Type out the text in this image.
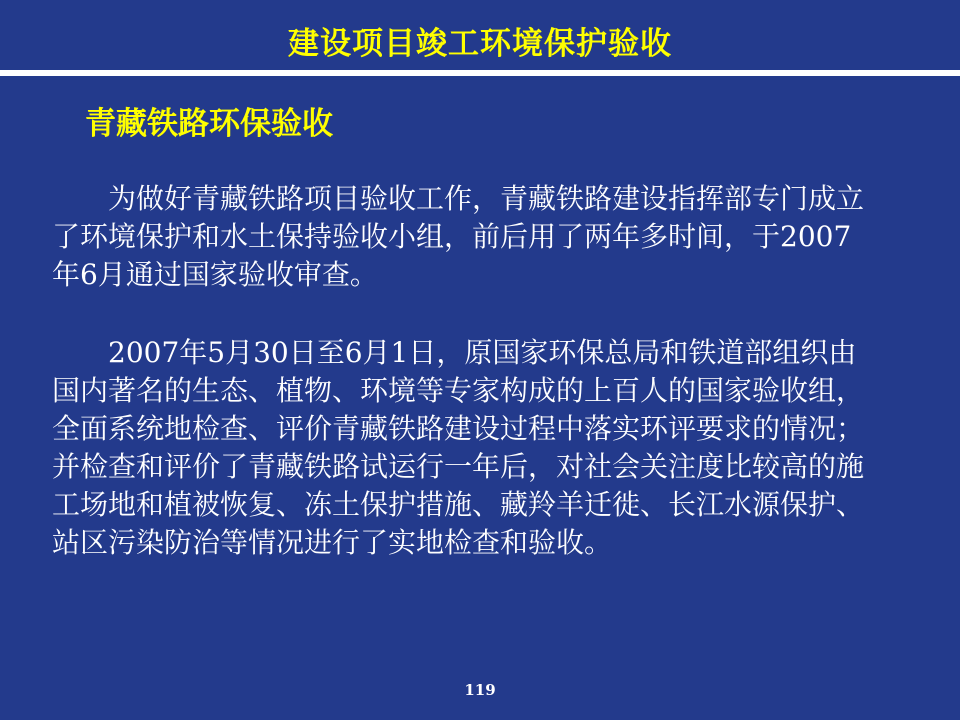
建设项目竣工环境保护验收
青藏铁路环保验收

为做好青藏铁路项目验收工作，青藏铁路建设指挥部专门成立了环境保护和水土保持验收小组，前后用了两年多时间，于2007年6月通过国家验收审查。

2007年5月30日至6月1日，原国家环保总局和铁道部组织由国内著名的生态、植物、环境等专家构成的上百人的国家验收组，全面系统地检查、评价青藏铁路建设过程中落实环评要求的情况；并检查和评价了青藏铁路试运行一年后，对社会关注度比较高的施工场地和植被恢复、冻土保护措施、藏羚羊迁徙、长江水源保护、站区污染防治等情况进行了实地检查和验收。

119
